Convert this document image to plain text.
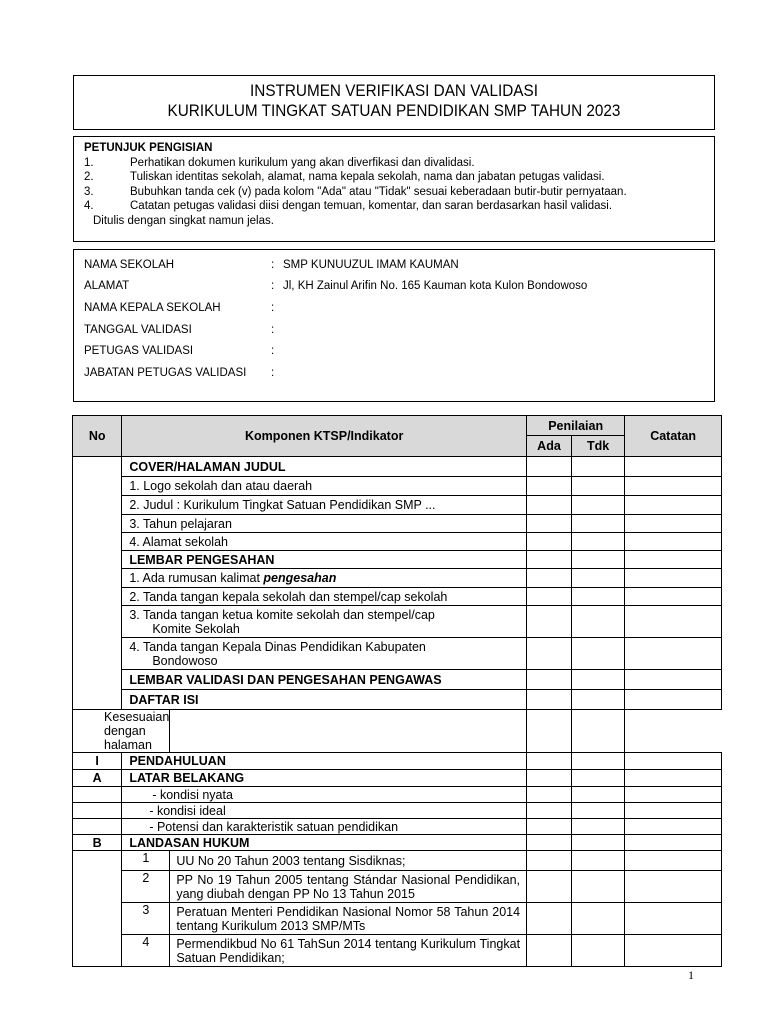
INSTRUMEN VERIFIKASI DAN VALIDASI
KURIKULUM TINGKAT SATUAN PENDIDIKAN SMP TAHUN 2023
PETUNJUK PENGISIAN
1.	Perhatikan dokumen kurikulum yang akan diverfikasi dan divalidasi.
2.	Tuliskan identitas sekolah, alamat, nama kepala sekolah, nama dan jabatan petugas validasi.
3.	Bubuhkan tanda cek (v) pada kolom "Ada" atau "Tidak" sesuai keberadaan butir-butir pernyataan.
4.	Catatan petugas validasi diisi dengan temuan, komentar, dan saran berdasarkan hasil validasi.
Ditulis dengan singkat namun jelas.
NAMA SEKOLAH	: SMP KUNUUZUL IMAM KAUMAN
ALAMAT	: Jl, KH Zainul Arifin No. 165 Kauman kota Kulon Bondowoso
NAMA KEPALA SEKOLAH	:
TANGGAL VALIDASI	:
PETUGAS VALIDASI	:
JABATAN PETUGAS VALIDASI	:
No	Komponen KTSP/Indikator		Penilaian		Catatan
			Ada	Tdk	
	COVER/HALAMAN JUDUL				
	1. Logo sekolah dan atau daerah				
	2. Judul : Kurikulum Tingkat Satuan Pendidikan SMP ...				
	3. Tahun pelajaran				
	4. Alamat sekolah				
	LEMBAR PENGESAHAN				
	1. Ada rumusan kalimat pengesahan				
	2. Tanda tangan kepala sekolah dan stempel/cap sekolah				

	3. Tanda tangan ketua komite sekolah dan stempel/cap
Komite Sekolah				

	4. Tanda tangan Kepala Dinas Pendidikan Kabupaten
Bondowoso				

	LEMBAR VALIDASI DAN PENGESAHAN PENGAWAS				
	DAFTAR ISI				
Kesesuaian dengan halaman					
I	PENDAHULUAN				
A	LATAR BELAKANG				
	- kondisi nyata				
	- kondisi ideal				
	- Potensi dan karakteristik satuan pendidikan				
B	LANDASAN HUKUM				
	1	UU No 20 Tahun 2003 tentang Sisdiknas;			
	2	PP No 19 Tahun 2005 tentang Stándar Nasional Pendidikan, yang diubah dengan PP No 13 Tahun 2015			
	3	Peratuan Menteri Pendidikan Nasional Nomor 58 Tahun 2014 tentang Kurikulum 2013 SMP/MTs			
	4	Permendikbud No 61 TahSun 2014 tentang Kurikulum Tingkat Satuan Pendidikan;			
1
